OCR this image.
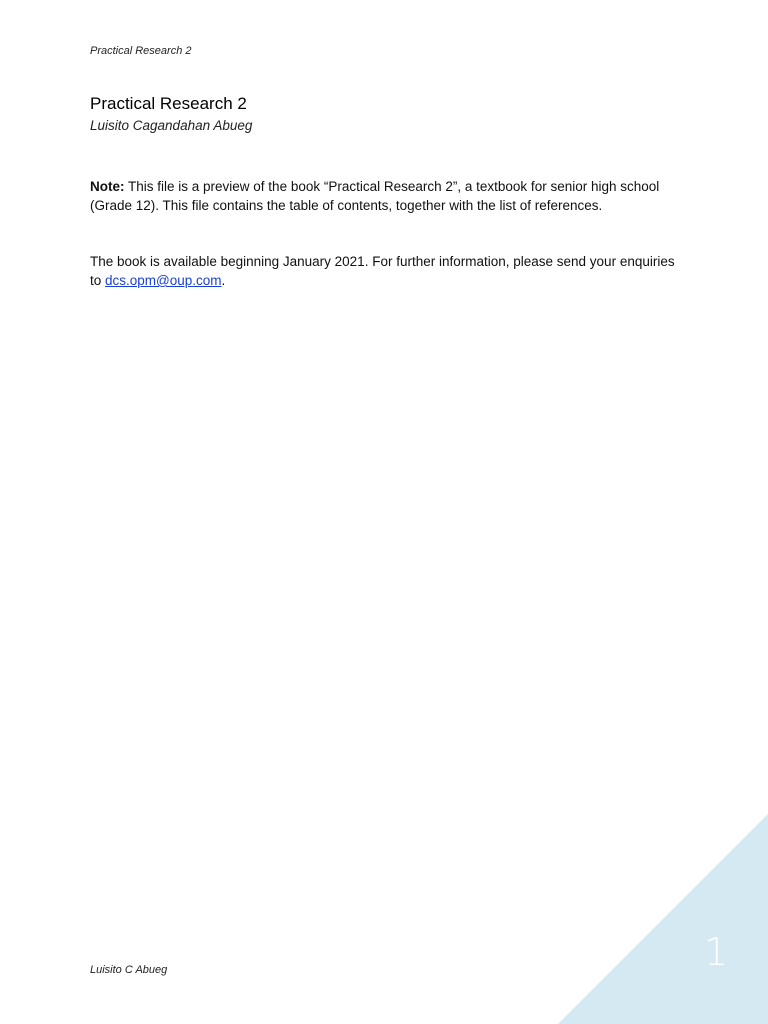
Practical Research 2
Practical Research 2
Luisito Cagandahan Abueg

Note: This file is a preview of the book “Practical Research 2”, a textbook for senior high school (Grade 12). This file contains the table of contents, together with the list of references.

The book is available beginning January 2021. For further information, please send your enquiries to dcs.opm@oup.com.

Luisito C Abueg	1
